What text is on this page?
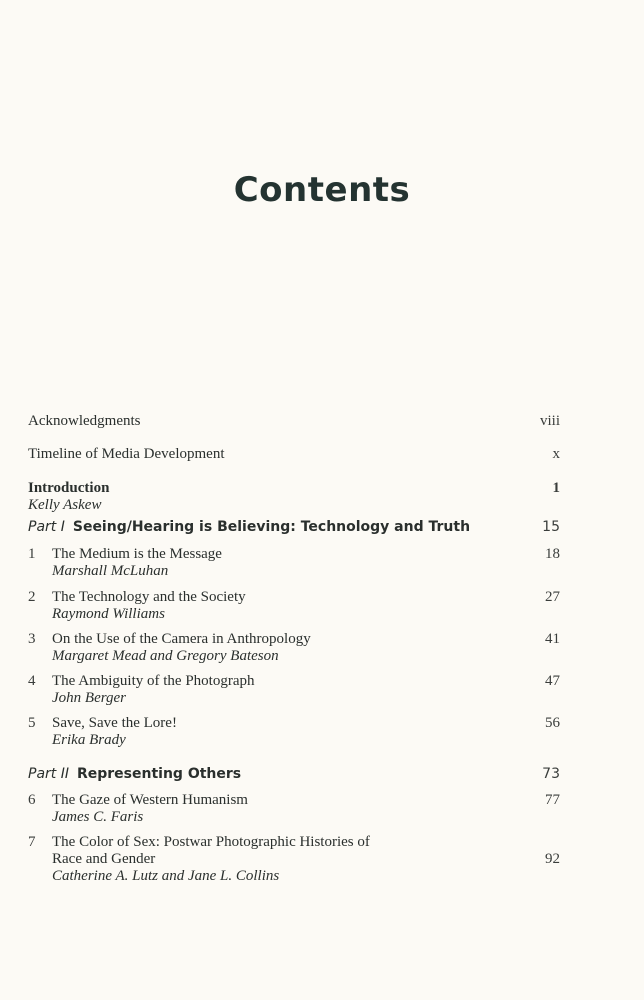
Contents
Acknowledgments	viii
Timeline of Media Development	x
Introduction	1
Kelly Askew
Part I Seeing/Hearing is Believing: Technology and Truth	15
1	The Medium is the Message	18
Marshall McLuhan
2	The Technology and the Society	27
Raymond Williams
3	On the Use of the Camera in Anthropology	41
Margaret Mead and Gregory Bateson
4	The Ambiguity of the Photograph	47
John Berger
5	Save, Save the Lore!	56
Erika Brady
Part II Representing Others	73
6	The Gaze of Western Humanism	77
James C. Faris
7	The Color of Sex: Postwar Photographic Histories of
Race and Gender	92
Catherine A. Lutz and Jane L. Collins
